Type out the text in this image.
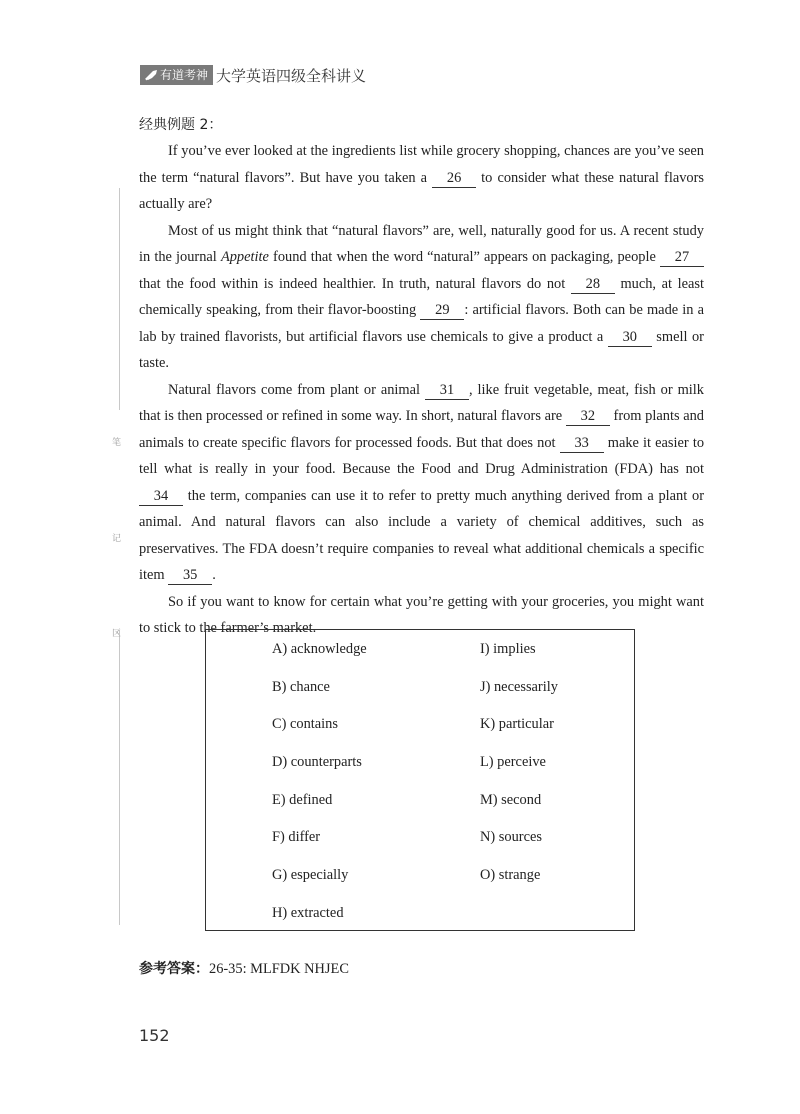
有道考神 大学英语四级全科讲义
笔
记
区
经典例题 2：

If you’ve ever looked at the ingredients list while grocery shopping, chances are you’ve seen the term “natural flavors”. But have you taken a 26 to consider what these natural flavors actually are?

Most of us might think that “natural flavors” are, well, naturally good for us. A recent study in the journal Appetite found that when the word “natural” appears on packaging, people 27 that the food within is indeed healthier. In truth, natural flavors do not 28 much, at least chemically speaking, from their flavor-boosting 29 : artificial flavors. Both can be made in a lab by trained flavorists, but artificial flavors use chemicals to give a product a 30 smell or taste.

Natural flavors come from plant or animal 31 , like fruit vegetable, meat, fish or milk that is then processed or refined in some way. In short, natural flavors are 32 from plants and animals to create specific flavors for processed foods. But that does not 33 make it easier to tell what is really in your food. Because the Food and Drug Administration (FDA) has not 34 the term, companies can use it to refer to pretty much anything derived from a plant or animal. And natural flavors can also include a variety of chemical additives, such as preservatives. The FDA doesn’t require companies to reveal what additional chemicals a specific item 35 .

So if you want to know for certain what you’re getting with your groceries, you might want to stick to the farmer’s market.

A) acknowledge
B) chance
C) contains
D) counterparts
E) defined
F) differ
G) especially
H) extracted
I) implies
J) necessarily
K) particular
L) perceive
M) second
N) sources
O) strange
参考答案：26-35: MLFDK NHJEC
152
